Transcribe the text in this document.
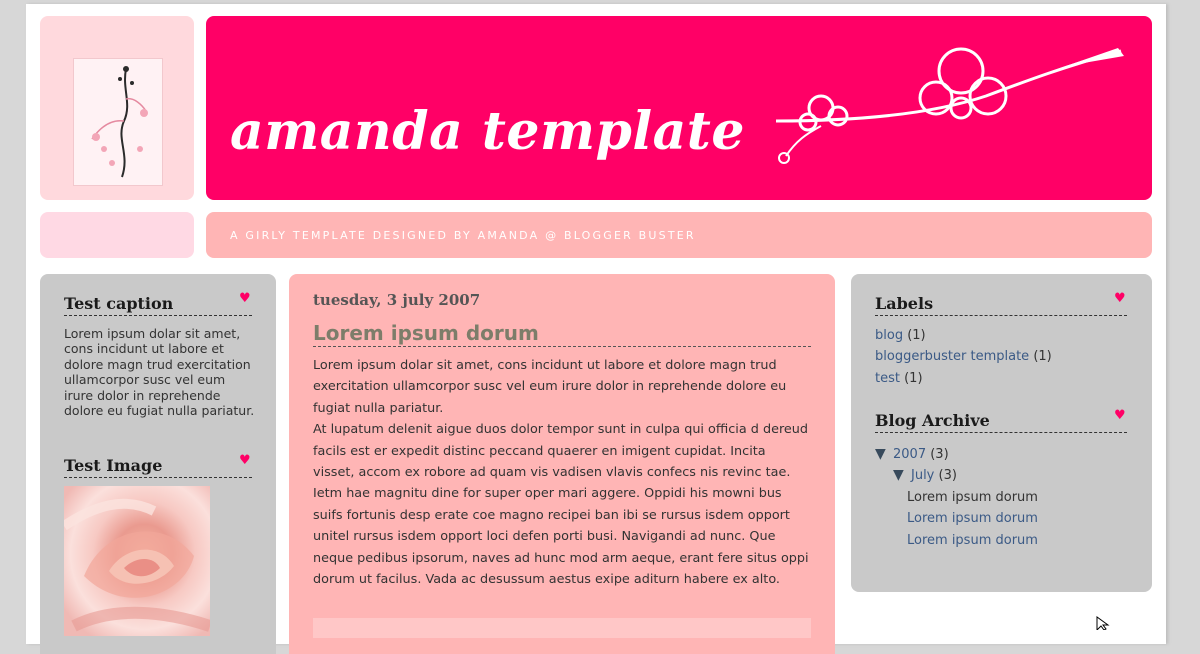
amanda template
A GIRLY TEMPLATE DESIGNED BY AMANDA @ BLOGGER BUSTER
Test caption	♥
Lorem ipsum dolar sit amet, cons incidunt ut labore et dolore magn trud exercitation ullamcorpor susc vel eum irure dolor in reprehende dolore eu fugiat nulla pariatur.
Test Image	♥
tuesday, 3 july 2007
Lorem ipsum dorum

Lorem ipsum dolar sit amet, cons incidunt ut labore et dolore magn trud exercitation ullamcorpor susc vel eum irure dolor in reprehende dolore eu fugiat nulla pariatur.

At lupatum delenit aigue duos dolor tempor sunt in culpa qui officia d dereud facils est er expedit distinc peccand quaerer en imigent cupidat. Incita visset, accom ex robore ad quam vis vadisen vlavis confecs nis revinc tae. Ietm hae magnitu dine for super oper mari aggere. Oppidi his mowni bus suifs fortunis desp erate coe magno recipei ban ibi se rursus isdem opport unitel rursus isdem opport loci defen porti busi. Navigandi ad nunc. Que neque pedibus ipsorum, naves ad hunc mod arm aeque, erant fere situs oppi dorum ut facilus. Vada ac desussum aestus exipe aditurn habere ex alto.

Labels	♥
blog (1)
bloggerbuster template (1)
test (1)
Blog Archive	♥
▼ 2007 (3)
▼ July (3)
Lorem ipsum dorum
Lorem ipsum dorum
Lorem ipsum dorum
